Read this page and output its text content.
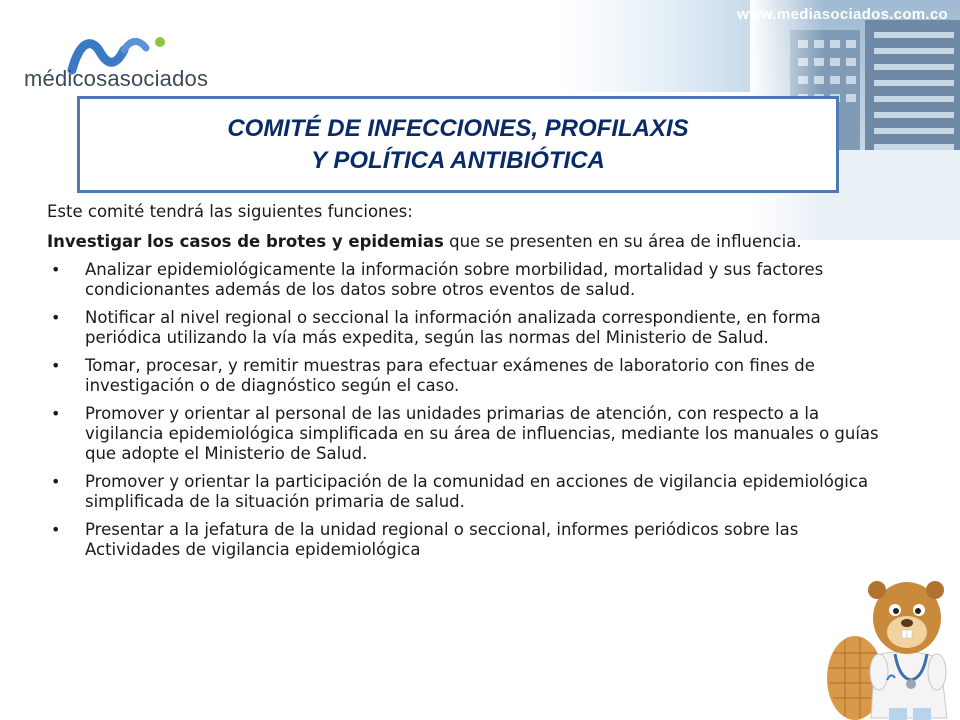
www.mediasociados.com.co
médicosasociados
COMITÉ DE INFECCIONES, PROFILAXIS
Y POLÍTICA ANTIBIÓTICA
Este comité tendrá las siguientes funciones:
Investigar los casos de brotes y epidemias que se presenten en su área de influencia.
• Analizar epidemiológicamente la información sobre morbilidad, mortalidad y sus factores condicionantes además de los datos sobre otros eventos de salud.
• Notificar al nivel regional o seccional la información analizada correspondiente, en forma periódica utilizando la vía más expedita, según las normas del Ministerio de Salud.
• Tomar, procesar, y remitir muestras para efectuar exámenes de laboratorio con fines de investigación o de diagnóstico según el caso.
• Promover y orientar al personal de las unidades primarias de atención, con respecto a la vigilancia epidemiológica simplificada en su área de influencias, mediante los manuales o guías que adopte el Ministerio de Salud.
• Promover y orientar la participación de la comunidad en acciones de vigilancia epidemiológica simplificada de la situación primaria de salud.
• Presentar a la jefatura de la unidad regional o seccional, informes periódicos sobre las Actividades de vigilancia epidemiológica
